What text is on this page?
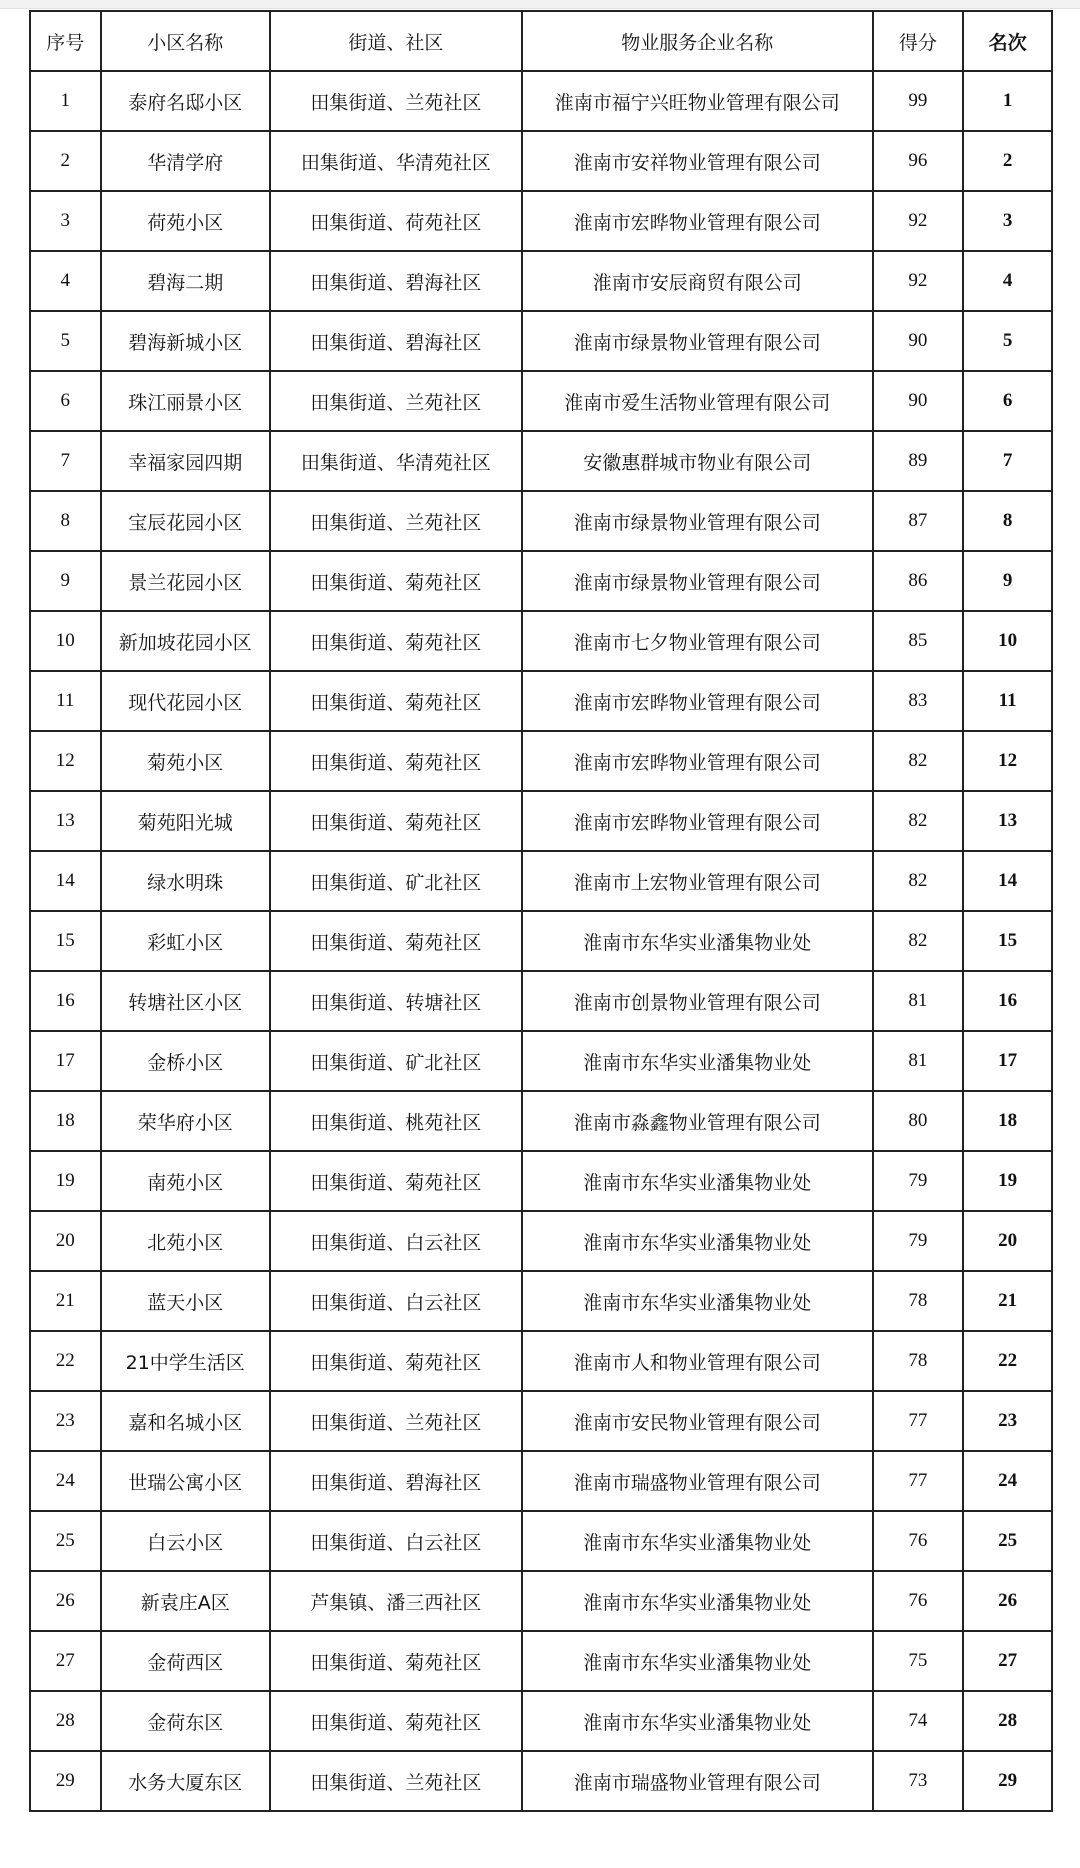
序号	小区名称	街道、社区	物业服务企业名称	得分	名次
1	泰府名邸小区	田集街道、兰苑社区	淮南市福宁兴旺物业管理有限公司	99	1
2	华清学府	田集街道、华清苑社区	淮南市安祥物业管理有限公司	96	2
3	荷苑小区	田集街道、荷苑社区	淮南市宏晔物业管理有限公司	92	3
4	碧海二期	田集街道、碧海社区	淮南市安辰商贸有限公司	92	4
5	碧海新城小区	田集街道、碧海社区	淮南市绿景物业管理有限公司	90	5
6	珠江丽景小区	田集街道、兰苑社区	淮南市爱生活物业管理有限公司	90	6
7	幸福家园四期	田集街道、华清苑社区	安徽惠群城市物业有限公司	89	7
8	宝辰花园小区	田集街道、兰苑社区	淮南市绿景物业管理有限公司	87	8
9	景兰花园小区	田集街道、菊苑社区	淮南市绿景物业管理有限公司	86	9
10	新加坡花园小区	田集街道、菊苑社区	淮南市七夕物业管理有限公司	85	10
11	现代花园小区	田集街道、菊苑社区	淮南市宏晔物业管理有限公司	83	11
12	菊苑小区	田集街道、菊苑社区	淮南市宏晔物业管理有限公司	82	12
13	菊苑阳光城	田集街道、菊苑社区	淮南市宏晔物业管理有限公司	82	13
14	绿水明珠	田集街道、矿北社区	淮南市上宏物业管理有限公司	82	14
15	彩虹小区	田集街道、菊苑社区	淮南市东华实业潘集物业处	82	15
16	转塘社区小区	田集街道、转塘社区	淮南市创景物业管理有限公司	81	16
17	金桥小区	田集街道、矿北社区	淮南市东华实业潘集物业处	81	17
18	荣华府小区	田集街道、桃苑社区	淮南市淼鑫物业管理有限公司	80	18
19	南苑小区	田集街道、菊苑社区	淮南市东华实业潘集物业处	79	19
20	北苑小区	田集街道、白云社区	淮南市东华实业潘集物业处	79	20
21	蓝天小区	田集街道、白云社区	淮南市东华实业潘集物业处	78	21
22	21中学生活区	田集街道、菊苑社区	淮南市人和物业管理有限公司	78	22
23	嘉和名城小区	田集街道、兰苑社区	淮南市安民物业管理有限公司	77	23
24	世瑞公寓小区	田集街道、碧海社区	淮南市瑞盛物业管理有限公司	77	24
25	白云小区	田集街道、白云社区	淮南市东华实业潘集物业处	76	25
26	新袁庄A区	芦集镇、潘三西社区	淮南市东华实业潘集物业处	76	26
27	金荷西区	田集街道、菊苑社区	淮南市东华实业潘集物业处	75	27
28	金荷东区	田集街道、菊苑社区	淮南市东华实业潘集物业处	74	28
29	水务大厦东区	田集街道、兰苑社区	淮南市瑞盛物业管理有限公司	73	29
